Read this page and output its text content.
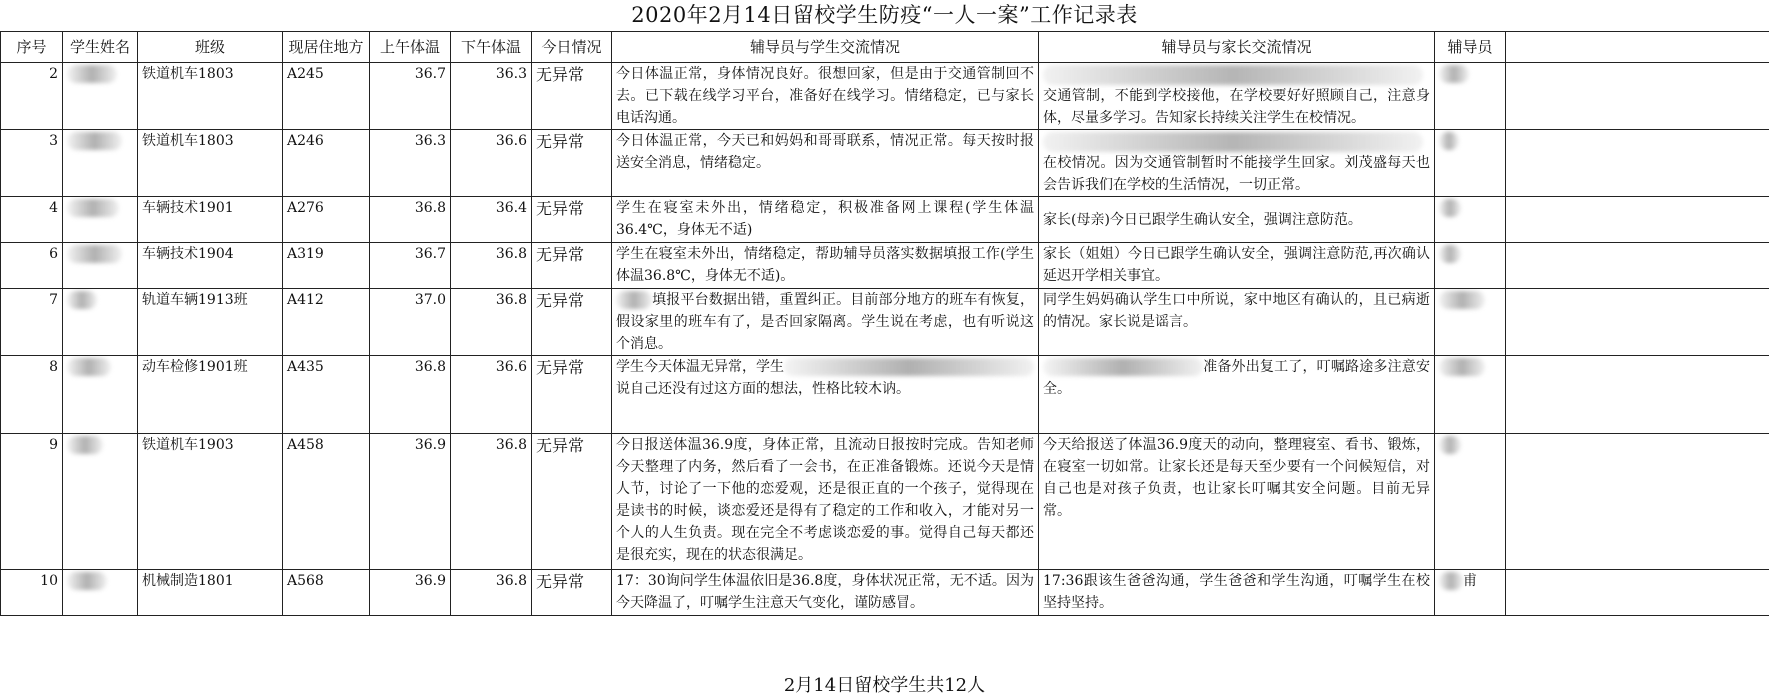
2020年2月14日留校学生防疫“一人一案”工作记录表
序号	学生姓名	班级	现居住地方	上午体温	下午体温	今日情况	辅导员与学生交流情况	辅导员与家长交流情况	辅导员	
2		铁道机车1803	A245	36.7	36.3	无异常	今日体温正常，身体情况良好。很想回家，但是由于交通管制回不去。已下载在线学习平台，准备好在线学习。情绪稳定，已与家长电话沟通。	交通管制，不能到学校接他，在学校要好好照顾自己，注意身体，尽量多学习。告知家长持续关注学生在校情况。		
3		铁道机车1803	A246	36.3	36.6	无异常	今日体温正常，今天已和妈妈和哥哥联系，情况正常。每天按时报送安全消息，情绪稳定。	在校情况。因为交通管制暂时不能接学生回家。刘茂盛每天也会告诉我们在学校的生活情况，一切正常。		
4		车辆技术1901	A276	36.8	36.4	无异常	学生在寝室未外出，情绪稳定，积极准备网上课程(学生体温36.4℃，身体无不适)	家长(母亲)今日已跟学生确认安全，强调注意防范。		
6		车辆技术1904	A319	36.7	36.8	无异常	学生在寝室未外出，情绪稳定，帮助辅导员落实数据填报工作(学生体温36.8℃，身体无不适)。	家长（姐姐）今日已跟学生确认安全，强调注意防范,再次确认延迟开学相关事宜。		
7		轨道车辆1913班	A412	37.0	36.8	无异常	填报平台数据出错，重置纠正。目前部分地方的班车有恢复，假设家里的班车有了，是否回家隔离。学生说在考虑，也有听说这个消息。	同学生妈妈确认学生口中所说，家中地区有确认的，且已病逝的情况。家长说是谣言。		
8		动车检修1901班	A435	36.8	36.6	无异常	学生今天体温无异常，学生说自己还没有过这方面的想法，性格比较木讷。	准备外出复工了，叮嘱路途多注意安全。		
9		铁道机车1903	A458	36.9	36.8	无异常	今日报送体温36.9度，身体正常，且流动日报按时完成。告知老师今天整理了内务，然后看了一会书，在正准备锻炼。还说今天是情人节，讨论了一下他的恋爱观，还是很正直的一个孩子，觉得现在是读书的时候，谈恋爱还是得有了稳定的工作和收入，才能对另一个人的人生负责。现在完全不考虑谈恋爱的事。觉得自己每天都还是很充实，现在的状态很满足。	今天给报送了体温36.9度天的动向，整理寝室、看书、锻炼，在寝室一切如常。让家长还是每天至少要有一个问候短信，对自己也是对孩子负责，也让家长叮嘱其安全问题。目前无异常。		
10		机械制造1801	A568	36.9	36.8	无异常	17：30询问学生体温依旧是36.8度，身体状况正常，无不适。因为今天降温了，叮嘱学生注意天气变化，谨防感冒。	17:36跟该生爸爸沟通，学生爸爸和学生沟通，叮嘱学生在校坚持坚持。	甫	
2月14日留校学生共12人
